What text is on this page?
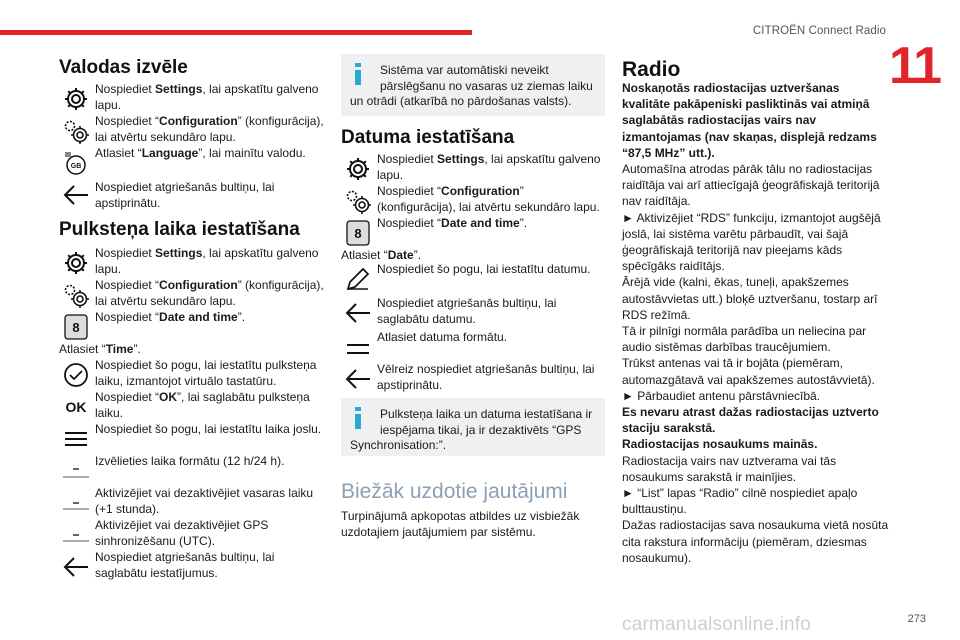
CITROËN Connect Radio
11
Valodas izvēle
Nospiediet Settings, lai apskatītu galveno lapu.
Nospiediet “Configuration” (konfigurācija), lai atvērtu sekundāro lapu.
GB
Atlasiet “Language”, lai mainītu valodu.
Nospiediet atgriešanās bultiņu, lai apstiprinātu.
Pulksteņa laika iestatīšana
Nospiediet Settings, lai apskatītu galveno lapu.
Nospiediet “Configuration” (konfigurācija), lai atvērtu sekundāro lapu.
8
Nospiediet “Date and time”.
Atlasiet “Time”.
Nospiediet šo pogu, lai iestatītu pulksteņa laiku, izmantojot virtuālo tastatūru.
OK
Nospiediet “OK”, lai saglabātu pulksteņa laiku.
Nospiediet šo pogu, lai iestatītu laika joslu.
Izvēlieties laika formātu (12 h/24 h).
Aktivizējiet vai dezaktivējiet vasaras laiku (+1 stunda).
Aktivizējiet vai dezaktivējiet GPS sinhronizēšanu (UTC).
Nospiediet atgriešanās bultiņu, lai saglabātu iestatījumus.
Sistēma var automātiski neveikt pārslēgšanu no vasaras uz ziemas laiku
un otrādi (atkarībā no pārdošanas valsts).
Datuma iestatīšana
Nospiediet Settings, lai apskatītu galveno lapu.
Nospiediet “Configuration” (konfigurācija), lai atvērtu sekundāro lapu.
8
Nospiediet “Date and time”.
Atlasiet “Date”.
Nospiediet šo pogu, lai iestatītu datumu.
Nospiediet atgriešanās bultiņu, lai saglabātu datumu.
Atlasiet datuma formātu.
Vēlreiz nospiediet atgriešanās bultiņu, lai apstiprinātu.
Pulksteņa laika un datuma iestatīšana ir iespējama tikai, ja ir dezaktivēts “GPS
Synchronisation:”.
Biežāk uzdotie jautājumi
Turpinājumā apkopotas atbildes uz visbiežāk uzdotajiem jautājumiem par sistēmu.
Radio

Noskaņotās radiostacijas uztveršanas kvalitāte pakāpeniski pasliktinās vai atmiņā saglabātās radiostacijas vairs nav izmantojamas (nav skaņas, displejā redzams “87,5 MHz” utt.).

Automašīna atrodas pārāk tālu no radiostacijas raidītāja vai arī attiecīgajā ģeogrāfiskajā teritorijā nav raidītāja.

► Aktivizējiet “RDS” funkciju, izmantojot augšējā joslā, lai sistēma varētu pārbaudīt, vai šajā ģeogrāfiskajā teritorijā nav pieejams kāds spēcīgāks raidītājs.

Ārējā vide (kalni, ēkas, tuneļi, apakšzemes autostāvvietas utt.) bloķē uztveršanu, tostarp arī RDS režīmā.

Tā ir pilnīgi normāla parādība un neliecina par audio sistēmas darbības traucējumiem.

Trūkst antenas vai tā ir bojāta (piemēram, automazgātavā vai apakšzemes autostāvvietā).

► Pārbaudiet antenu pārstāvniecībā.

Es nevaru atrast dažas radiostacijas uztverto staciju sarakstā.

Radiostacijas nosaukums mainās.

Radiostacija vairs nav uztverama vai tās nosaukums sarakstā ir mainījies.

► “List” lapas “Radio” cilnē nospiediet apaļo bulttaustiņu.

Dažas radiostacijas sava nosaukuma vietā nosūta cita rakstura informāciju (piemēram, dziesmas nosaukumu).

carmanualsonline.info	273
